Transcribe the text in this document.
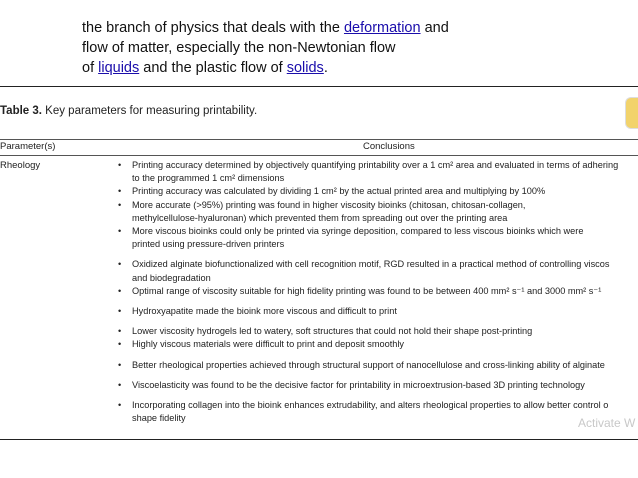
the branch of physics that deals with the deformation and
flow of matter, especially the non-Newtonian flow
of liquids and the plastic flow of solids.
Table 3. Key parameters for measuring printability.
Parameter(s)	Conclusions
Rheology
•	Printing accuracy determined by objectively quantifying printability over a 1 cm² area and evaluated in terms of adhering
to the programmed 1 cm² dimensions
• Printing accuracy was calculated by dividing 1 cm² by the actual printed area and multiplying by 100%
• More accurate (>95%) printing was found in higher viscosity bioinks (chitosan, chitosan-collagen,
methylcellulose-hyaluronan) which prevented them from spreading out over the printing area
• More viscous bioinks could only be printed via syringe deposition, compared to less viscous bioinks which were
printed using pressure-driven printers
• Oxidized alginate biofunctionalized with cell recognition motif, RGD resulted in a practical method of controlling viscos
and biodegradation
• Optimal range of viscosity suitable for high fidelity printing was found to be between 400 mm² s⁻¹ and 3000 mm² s⁻¹
• Hydroxyapatite made the bioink more viscous and difficult to print
• Lower viscosity hydrogels led to watery, soft structures that could not hold their shape post-printing
• Highly viscous materials were difficult to print and deposit smoothly
• Better rheological properties achieved through structural support of nanocellulose and cross-linking ability of alginate
• Viscoelasticity was found to be the decisive factor for printability in microextrusion-based 3D printing technology
• Incorporating collagen into the bioink enhances extrudability, and alters rheological properties to allow better control o
shape fidelity	Activate W
